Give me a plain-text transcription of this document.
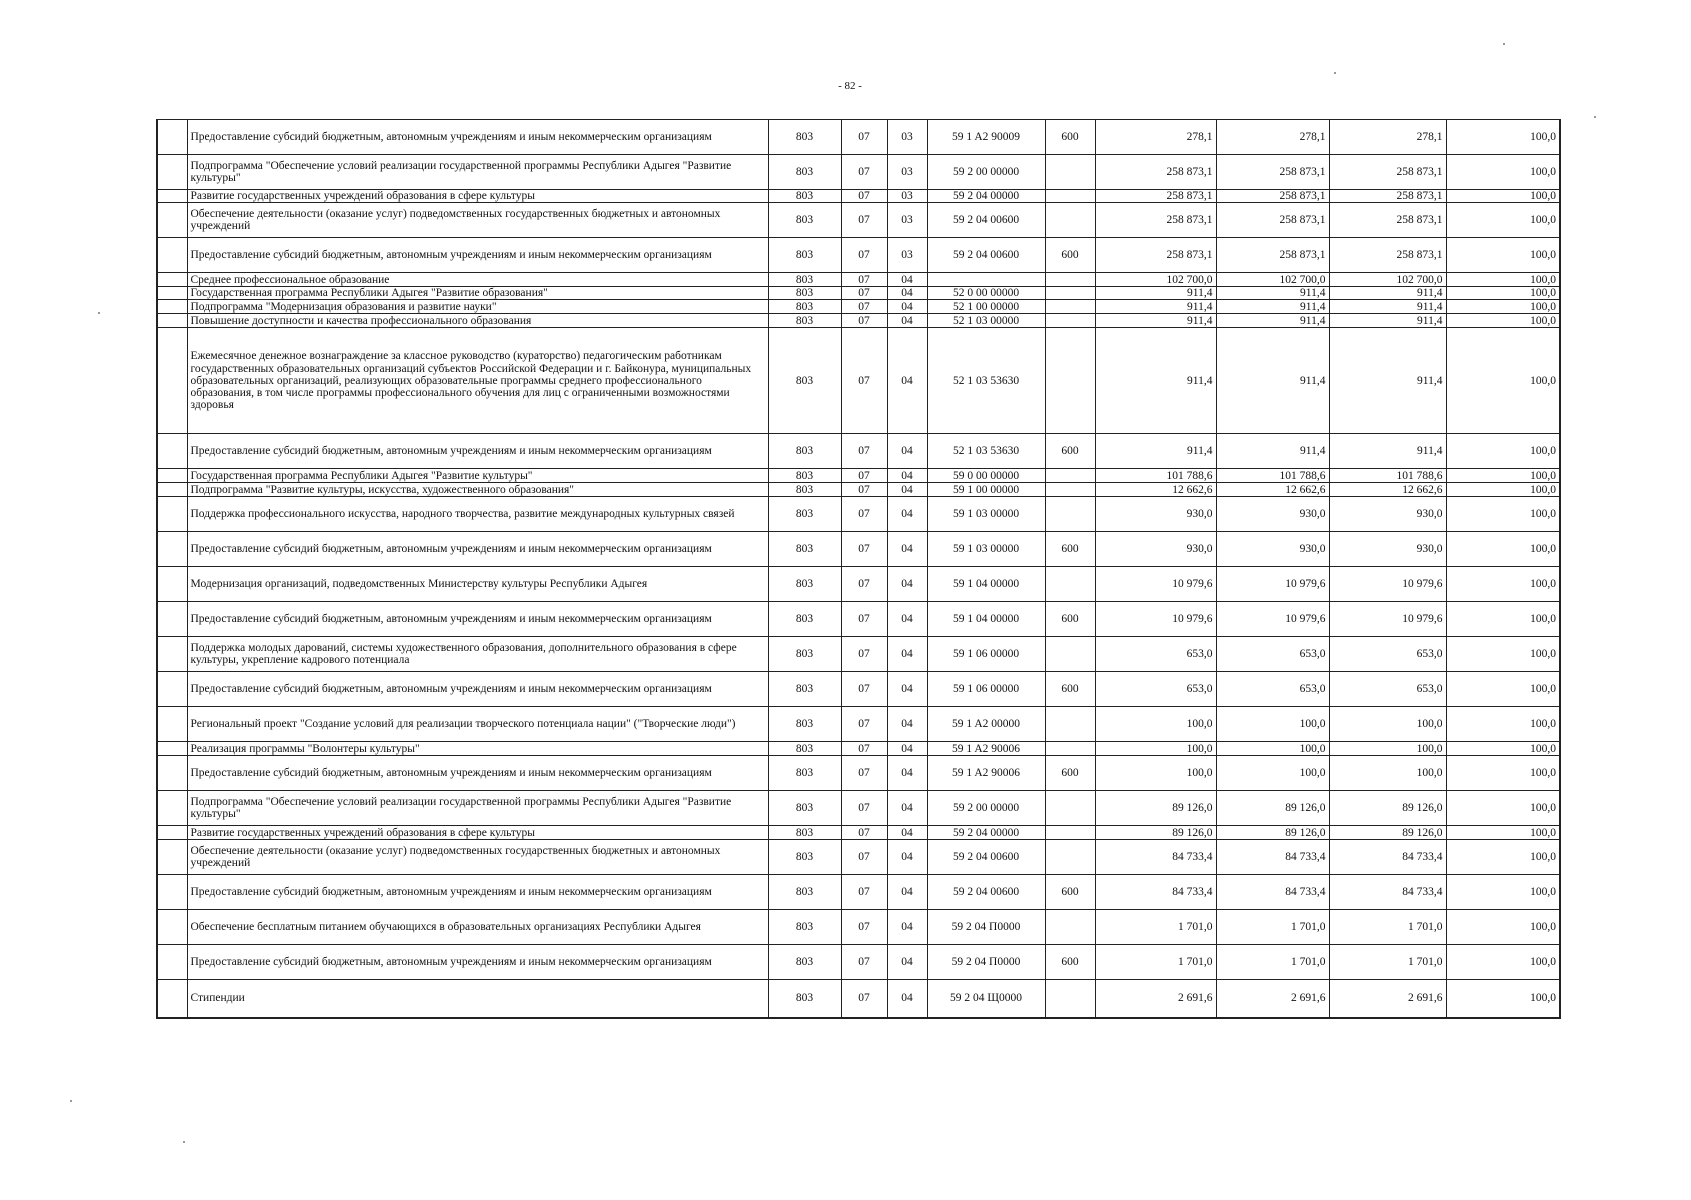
- 82 -
	Предоставление субсидий бюджетным, автономным учреждениям и иным некоммерческим организациям	803	07	03	59 1 A2 90009	600	278,1	278,1	278,1	100,0
	Подпрограмма "Обеспечение условий реализации государственной программы Республики Адыгея "Развитие культуры"	803	07	03	59 2 00 00000		258 873,1	258 873,1	258 873,1	100,0
	Развитие государственных учреждений образования в сфере культуры	803	07	03	59 2 04 00000		258 873,1	258 873,1	258 873,1	100,0
	Обеспечение деятельности (оказание услуг) подведомственных государственных бюджетных и автономных учреждений	803	07	03	59 2 04 00600		258 873,1	258 873,1	258 873,1	100,0
	Предоставление субсидий бюджетным, автономным учреждениям и иным некоммерческим организациям	803	07	03	59 2 04 00600	600	258 873,1	258 873,1	258 873,1	100,0
	Среднее профессиональное образование	803	07	04			102 700,0	102 700,0	102 700,0	100,0
	Государственная программа Республики Адыгея "Развитие образования"	803	07	04	52 0 00 00000		911,4	911,4	911,4	100,0
	Подпрограмма "Модернизация образования и развитие науки"	803	07	04	52 1 00 00000		911,4	911,4	911,4	100,0
	Повышение доступности и качества профессионального образования	803	07	04	52 1 03 00000		911,4	911,4	911,4	100,0
	Ежемесячное денежное вознаграждение за классное руководство (кураторство) педагогическим работникам государственных образовательных организаций субъектов Российской Федерации и г. Байконура, муниципальных образовательных организаций, реализующих образовательные программы среднего профессионального образования, в том числе программы профессионального обучения для лиц с ограниченными возможностями здоровья	803	07	04	52 1 03 53630		911,4	911,4	911,4	100,0
	Предоставление субсидий бюджетным, автономным учреждениям и иным некоммерческим организациям	803	07	04	52 1 03 53630	600	911,4	911,4	911,4	100,0
	Государственная программа Республики Адыгея "Развитие культуры"	803	07	04	59 0 00 00000		101 788,6	101 788,6	101 788,6	100,0
	Подпрограмма "Развитие культуры, искусства, художественного образования"	803	07	04	59 1 00 00000		12 662,6	12 662,6	12 662,6	100,0
	Поддержка профессионального искусства, народного творчества, развитие международных культурных связей	803	07	04	59 1 03 00000		930,0	930,0	930,0	100,0
	Предоставление субсидий бюджетным, автономным учреждениям и иным некоммерческим организациям	803	07	04	59 1 03 00000	600	930,0	930,0	930,0	100,0
	Модернизация организаций, подведомственных Министерству культуры Республики Адыгея	803	07	04	59 1 04 00000		10 979,6	10 979,6	10 979,6	100,0
	Предоставление субсидий бюджетным, автономным учреждениям и иным некоммерческим организациям	803	07	04	59 1 04 00000	600	10 979,6	10 979,6	10 979,6	100,0
	Поддержка молодых дарований, системы художественного образования, дополнительного образования в сфере культуры, укрепление кадрового потенциала	803	07	04	59 1 06 00000		653,0	653,0	653,0	100,0
	Предоставление субсидий бюджетным, автономным учреждениям и иным некоммерческим организациям	803	07	04	59 1 06 00000	600	653,0	653,0	653,0	100,0
	Региональный проект "Создание условий для реализации творческого потенциала нации" ("Творческие люди")	803	07	04	59 1 A2 00000		100,0	100,0	100,0	100,0
	Реализация программы "Волонтеры культуры"	803	07	04	59 1 A2 90006		100,0	100,0	100,0	100,0
	Предоставление субсидий бюджетным, автономным учреждениям и иным некоммерческим организациям	803	07	04	59 1 A2 90006	600	100,0	100,0	100,0	100,0
	Подпрограмма "Обеспечение условий реализации государственной программы Республики Адыгея "Развитие культуры"	803	07	04	59 2 00 00000		89 126,0	89 126,0	89 126,0	100,0
	Развитие государственных учреждений образования в сфере культуры	803	07	04	59 2 04 00000		89 126,0	89 126,0	89 126,0	100,0
	Обеспечение деятельности (оказание услуг) подведомственных государственных бюджетных и автономных учреждений	803	07	04	59 2 04 00600		84 733,4	84 733,4	84 733,4	100,0
	Предоставление субсидий бюджетным, автономным учреждениям и иным некоммерческим организациям	803	07	04	59 2 04 00600	600	84 733,4	84 733,4	84 733,4	100,0
	Обеспечение бесплатным питанием обучающихся в образовательных организациях Республики Адыгея	803	07	04	59 2 04 П0000		1 701,0	1 701,0	1 701,0	100,0
	Предоставление субсидий бюджетным, автономным учреждениям и иным некоммерческим организациям	803	07	04	59 2 04 П0000	600	1 701,0	1 701,0	1 701,0	100,0
	Стипендии	803	07	04	59 2 04 Щ0000		2 691,6	2 691,6	2 691,6	100,0
